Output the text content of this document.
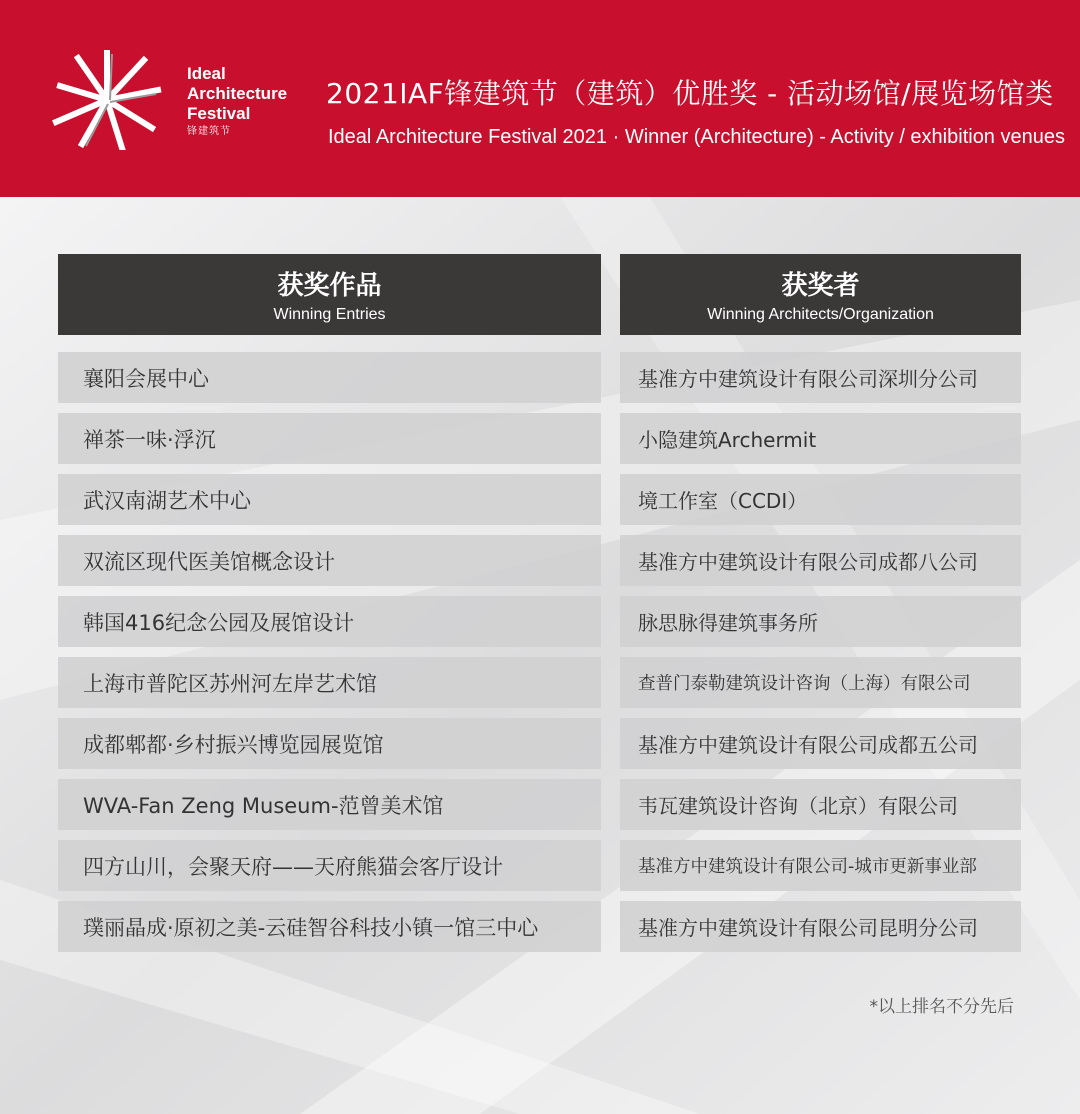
Ideal
Architecture
Festival
锋建筑节
2021IAF锋建筑节（建筑）优胜奖 - 活动场馆/展览场馆类
Ideal Architecture Festival 2021 · Winner (Architecture) - Activity / exhibition venues
获奖作品
Winning Entries
获奖者
Winning Architects/Organization
襄阳会展中心	基准方中建筑设计有限公司深圳分公司
禅茶一味·浮沉	小隐建筑Archermit
武汉南湖艺术中心	境工作室（CCDI）
双流区现代医美馆概念设计	基准方中建筑设计有限公司成都八公司
韩国416纪念公园及展馆设计	脉思脉得建筑事务所
上海市普陀区苏州河左岸艺术馆	查普门泰勒建筑设计咨询（上海）有限公司
成都郫都·乡村振兴博览园展览馆	基准方中建筑设计有限公司成都五公司
WVA-Fan Zeng Museum-范曾美术馆	韦瓦建筑设计咨询（北京）有限公司
四方山川，会聚天府——天府熊猫会客厅设计	基准方中建筑设计有限公司-城市更新事业部
璞丽晶成·原初之美-云硅智谷科技小镇一馆三中心	基准方中建筑设计有限公司昆明分公司
*以上排名不分先后
